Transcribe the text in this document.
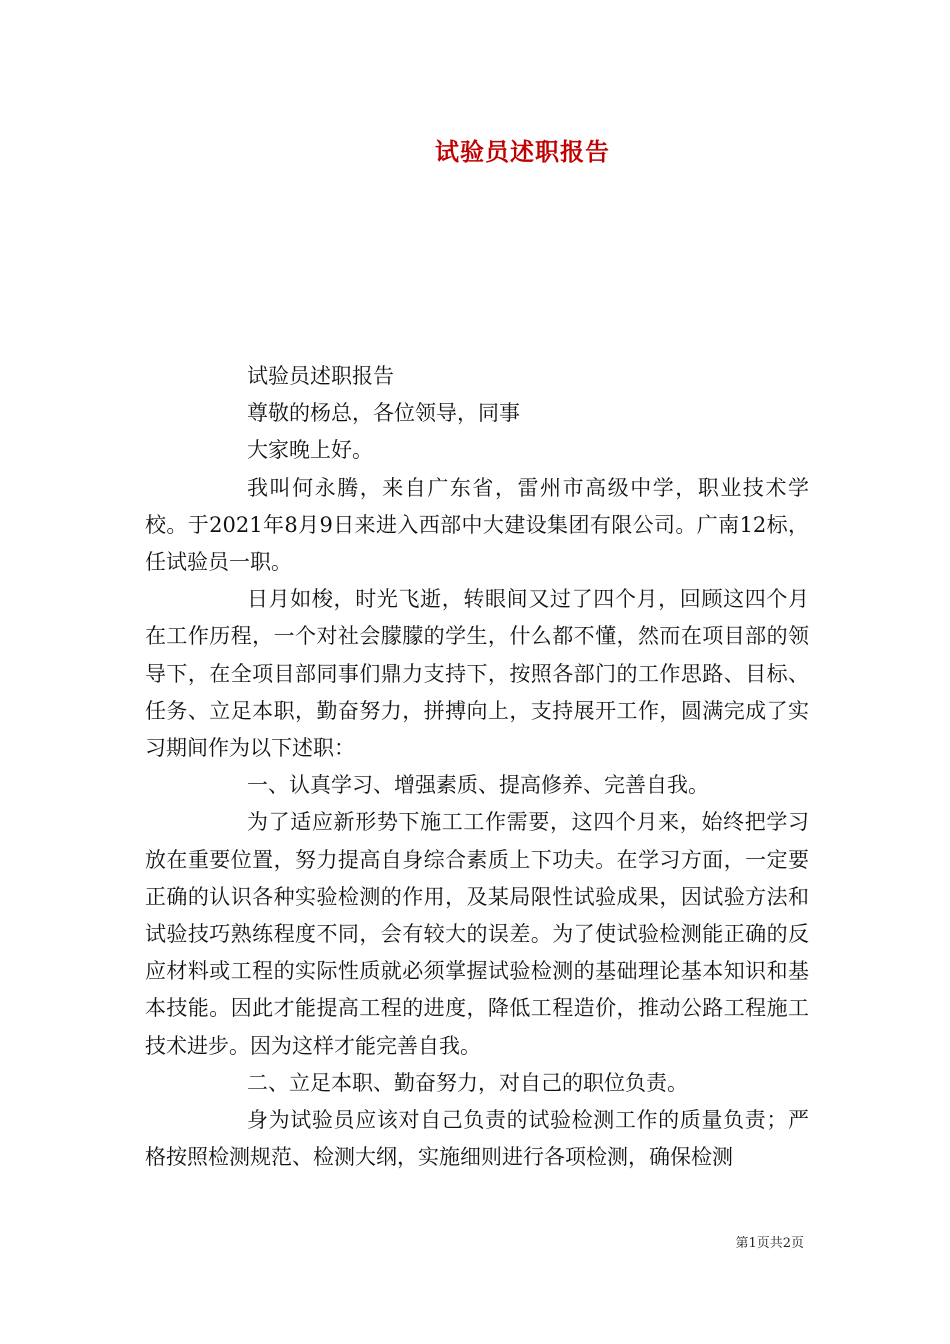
试验员述职报告

试验员述职报告

尊敬的杨总，各位领导，同事

大家晚上好。

我叫何永腾，来自广东省，雷州市高级中学，职业技术学校。于2021年8月9日来进入西部中大建设集团有限公司。广南12标，任试验员一职。

日月如梭，时光飞逝，转眼间又过了四个月，回顾这四个月在工作历程，一个对社会朦朦的学生，什么都不懂，然而在项目部的领导下，在全项目部同事们鼎力支持下，按照各部门的工作思路、目标、任务、立足本职，勤奋努力，拼搏向上，支持展开工作，圆满完成了实习期间作为以下述职：

一、认真学习、增强素质、提高修养、完善自我。

为了适应新形势下施工工作需要，这四个月来，始终把学习放在重要位置，努力提高自身综合素质上下功夫。在学习方面，一定要正确的认识各种实验检测的作用，及某局限性试验成果，因试验方法和试验技巧熟练程度不同，会有较大的误差。为了使试验检测能正确的反应材料或工程的实际性质就必须掌握试验检测的基础理论基本知识和基本技能。因此才能提高工程的进度，降低工程造价，推动公路工程施工技术进步。因为这样才能完善自我。

二、立足本职、勤奋努力，对自己的职位负责。

身为试验员应该对自己负责的试验检测工作的质量负责；严格按照检测规范、检测大纲，实施细则进行各项检测，确保检测

第1页共2页
